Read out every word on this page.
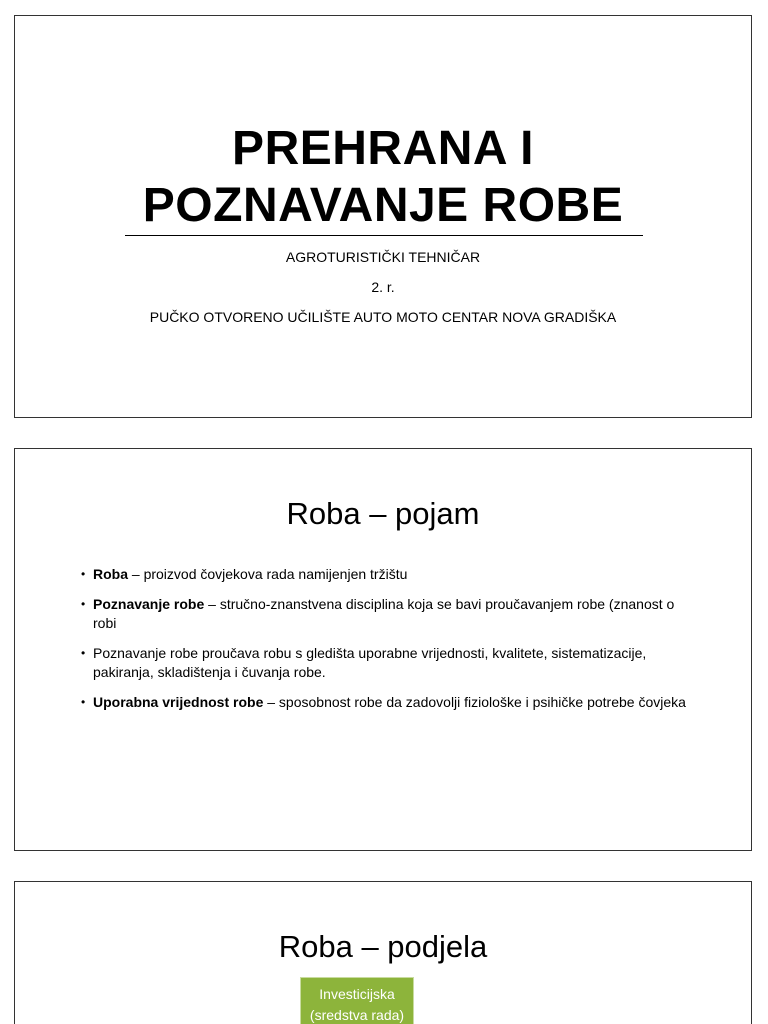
PREHRANA I
POZNAVANJE ROBE
AGROTURISTIČKI TEHNIČAR
2. r.
PUČKO OTVORENO UČILIŠTE AUTO MOTO CENTAR NOVA GRADIŠKA
Roba – pojam
• Roba – proizvod čovjekova rada namijenjen tržištu
• Poznavanje robe – stručno-znanstvena disciplina koja se bavi proučavanjem robe (znanost o robi
• Poznavanje robe proučava robu s gledišta uporabne vrijednosti, kvalitete, sistematizacije, pakiranja, skladištenja i čuvanja robe.
• Uporabna vrijednost robe – sposobnost robe da zadovolji fiziološke i psihičke potrebe čovjeka
Roba – podjela
Investicijska
(sredstva rada)
